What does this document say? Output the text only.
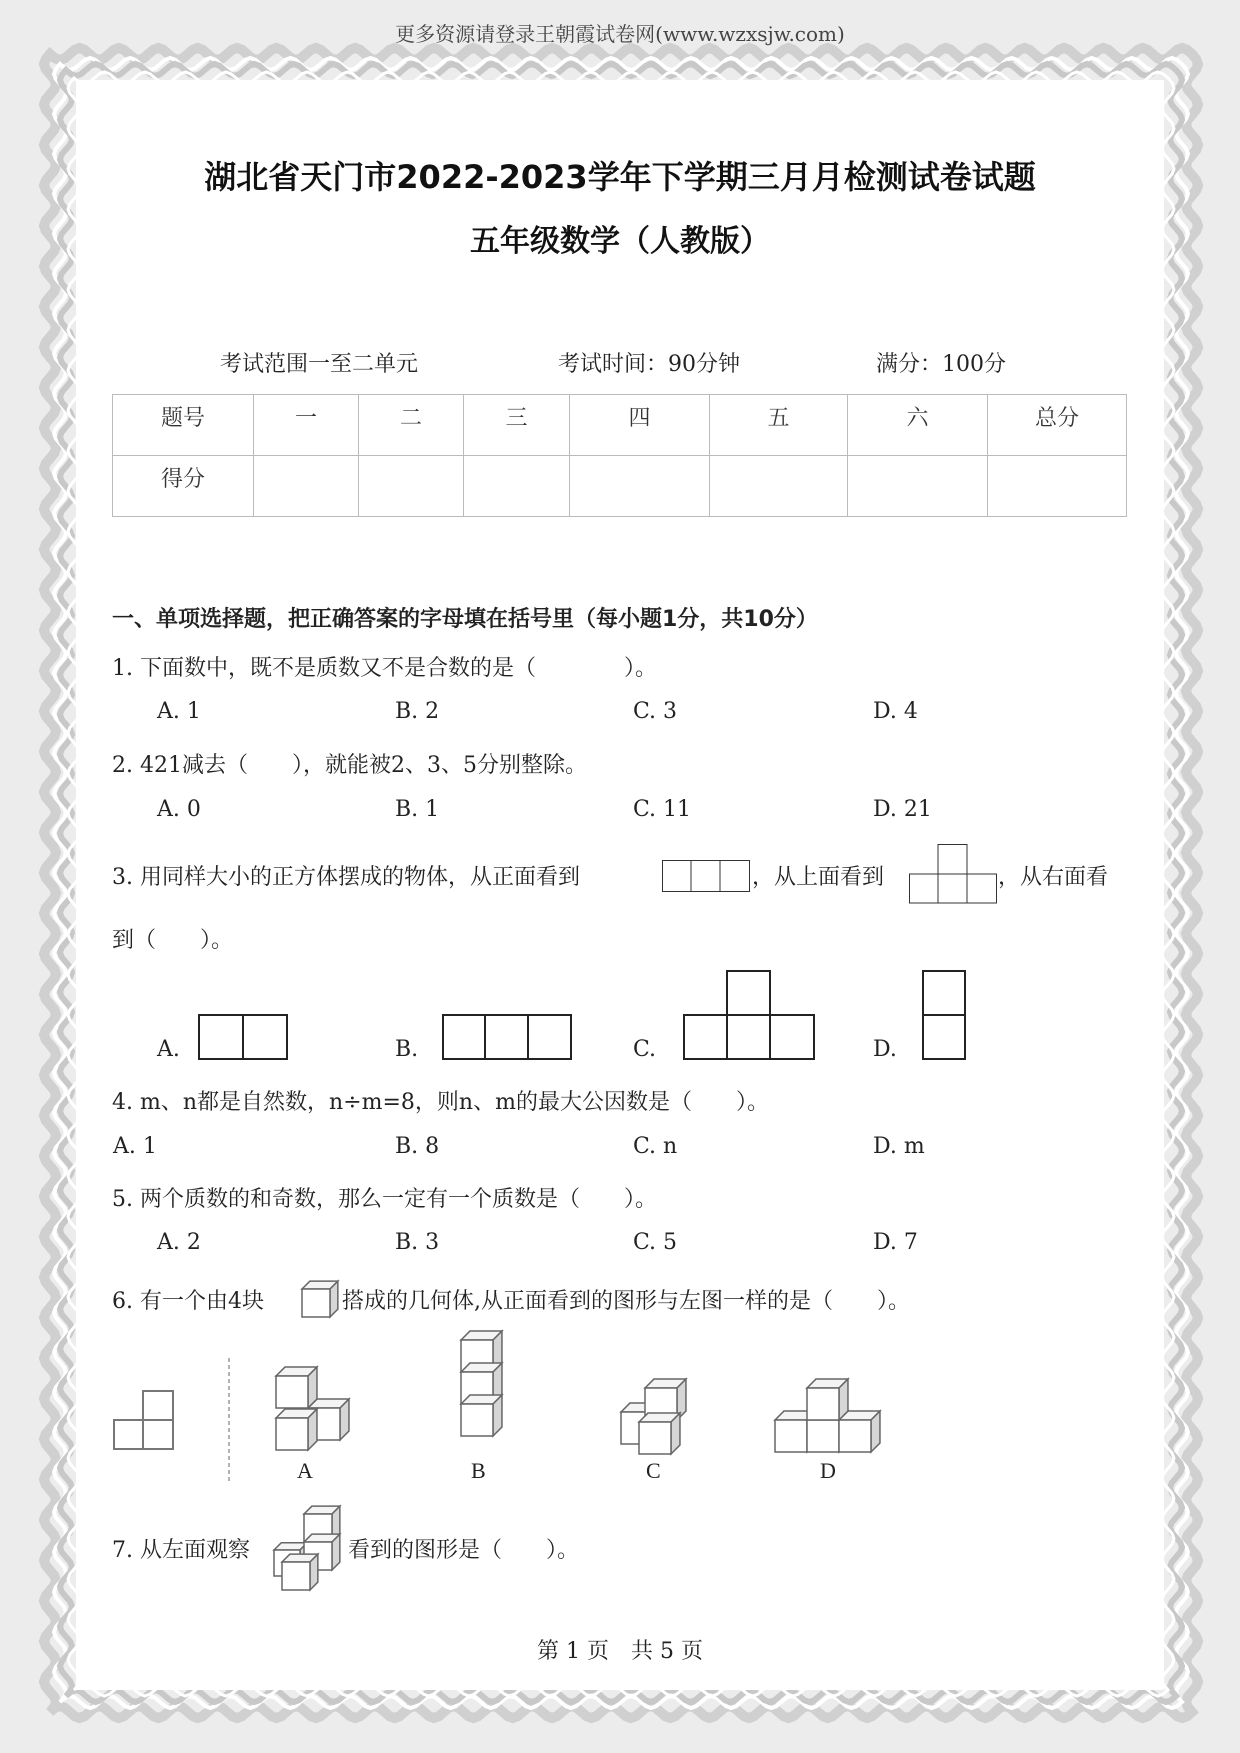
更多资源请登录王朝霞试卷网(www.wzxsjw.com)
湖北省天门市2022-2023学年下学期三月月检测试卷试题
五年级数学（人教版）
考试范围一至二单元	考试时间：90分钟	满分：100分
题号	一	二	三	四	五	六	总分
得分							
一、单项选择题，把正确答案的字母填在括号里（每小题1分，共10分）
1. 下面数中，既不是质数又不是合数的是（　　　　）。
A. 1	B. 2	C. 3	D. 4
2. 421减去（　　），就能被2、3、5分别整除。
A. 0	B. 1	C. 11	D. 21
3. 用同样大小的正方体摆成的物体，从正面看到	，从上面看到	，从右面看
到（　　）。
A.	B.	C.	D.
4. m、n都是自然数，n÷m=8，则n、m的最大公因数是（　　）。
A. 1	B. 8	C. n	D. m
5. 两个质数的和奇数，那么一定有一个质数是（　　）。
A. 2	B. 3	C. 5	D. 7
6. 有一个由4块	搭成的几何体,从正面看到的图形与左图一样的是（　　）。
A	B	C	D
7. 从左面观察	看到的图形是（　　）。
第 1 页　共 5 页
